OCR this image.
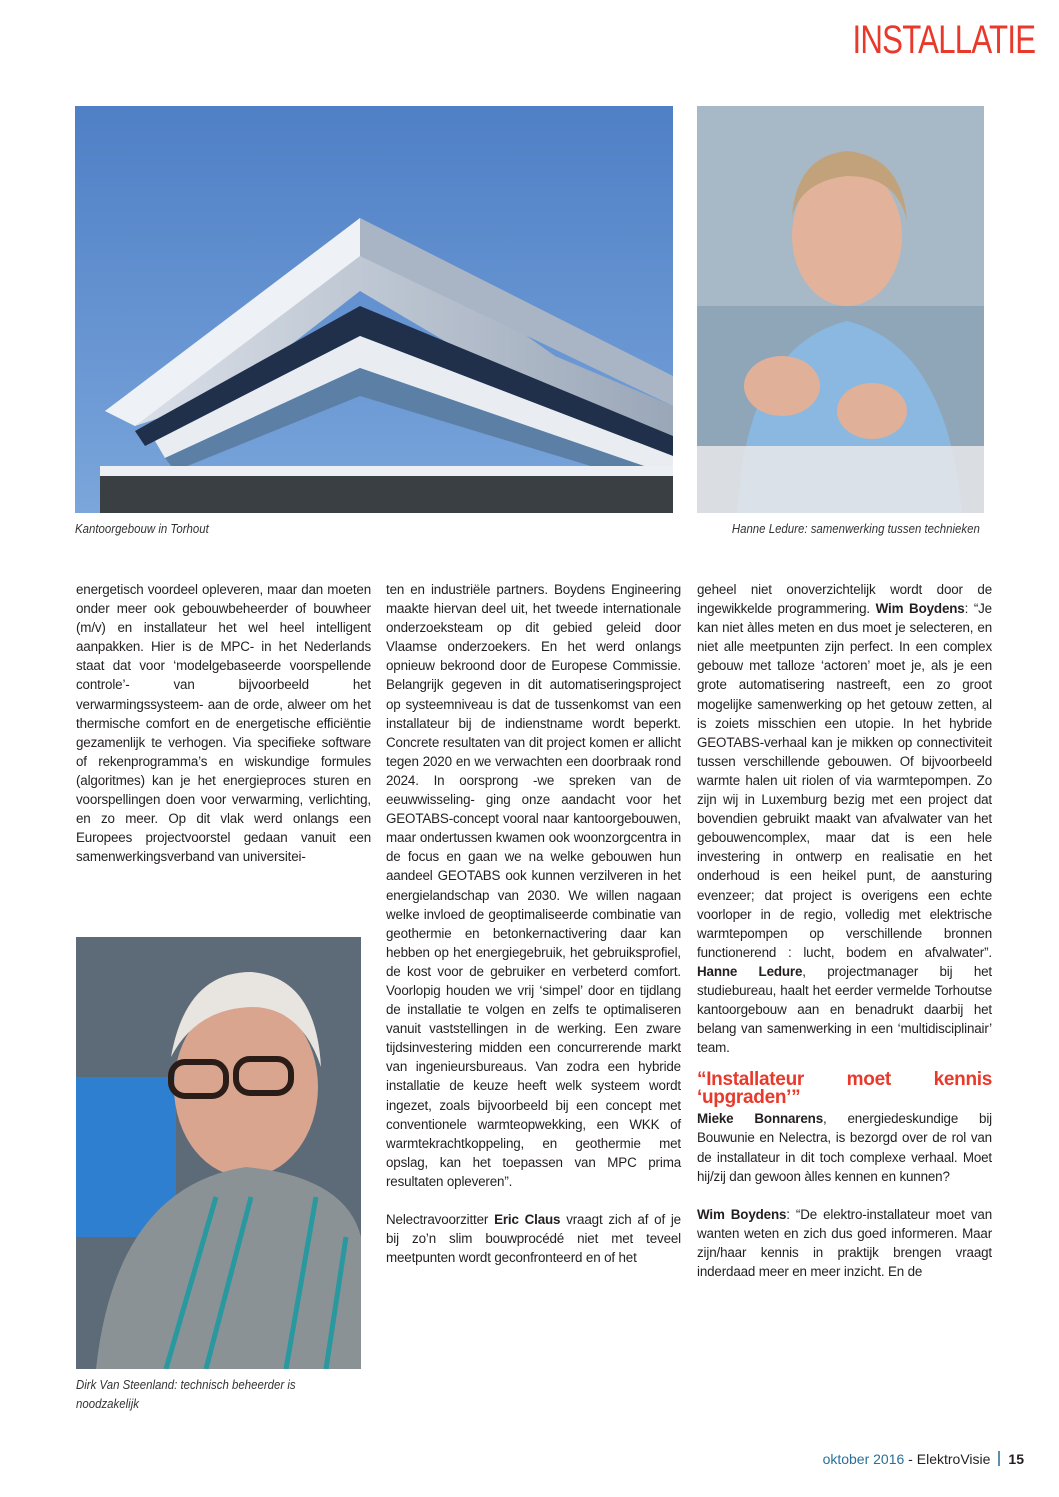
INSTALLATIE
Kantoorgebouw in Torhout	Hanne Ledure: samenwerking tussen technieken
Dirk Van Steenland: technisch beheerder is
noodzakelijk

energetisch voordeel opleveren, maar dan moeten onder meer ook gebouwbeheerder of bouwheer (m/v) en installateur het wel heel intelligent aanpakken. Hier is de MPC- in het Nederlands staat dat voor ‘modelgebaseerde voorspellende controle’- van bijvoorbeeld het verwarmingssysteem- aan de orde, alweer om het thermische comfort en de energetische efficiëntie gezamenlijk te verhogen. Via specifieke software of rekenprogramma’s en wiskundige formules (algoritmes) kan je het energieproces sturen en voorspellingen doen voor verwarming, verlichting, en zo meer. Op dit vlak werd onlangs een Europees projectvoorstel gedaan vanuit een samenwerkingsverband van universitei-

ten en industriële partners. Boydens Engineering maakte hiervan deel uit, het tweede internationale onderzoeksteam op dit gebied geleid door Vlaamse onderzoekers. En het werd onlangs opnieuw bekroond door de Europese Commissie. Belangrijk gegeven in dit automatiseringsproject op systeemniveau is dat de tussenkomst van een installateur bij de indienstname wordt beperkt. Concrete resultaten van dit project komen er allicht tegen 2020 en we verwachten een doorbraak rond 2024. In oorsprong -we spreken van de eeuwwisseling- ging onze aandacht voor het GEOTABS-concept vooral naar kantoorgebouwen, maar ondertussen kwamen ook woonzorgcentra in de focus en gaan we na welke gebouwen hun aandeel GEOTABS ook kunnen verzilveren in het energielandschap van 2030. We willen nagaan welke invloed de geoptimaliseerde combinatie van geothermie en betonkernactivering daar kan hebben op het energiegebruik, het gebruiksprofiel, de kost voor de gebruiker en verbeterd comfort. Voorlopig houden we vrij ‘simpel’ door en tijdlang de installatie te volgen en zelfs te optimaliseren vanuit vaststellingen in de werking. Een zware tijdsinvestering midden een concurrerende markt van ingenieursbureaus. Van zodra een hybride installatie de keuze heeft welk systeem wordt ingezet, zoals bijvoorbeeld bij een concept met conventionele warmteopwekking, een WKK of warmtekrachtkoppeling, en geothermie met opslag, kan het toepassen van MPC prima resultaten opleveren”.

Nelectravoorzitter Eric Claus vraagt zich af of je bij zo’n slim bouwprocédé niet met teveel meetpunten wordt geconfronteerd en of het

geheel niet onoverzichtelijk wordt door de ingewikkelde programmering. Wim Boydens: “Je kan niet àlles meten en dus moet je selecteren, en niet alle meetpunten zijn perfect. In een complex gebouw met talloze ‘actoren’ moet je, als je een grote automatisering nastreeft, een zo groot mogelijke samenwerking op het getouw zetten, al is zoiets misschien een utopie. In het hybride GEOTABS-verhaal kan je mikken op connectiviteit tussen verschillende gebouwen. Of bijvoorbeeld warmte halen uit riolen of via warmtepompen. Zo zijn wij in Luxemburg bezig met een project dat bovendien gebruikt maakt van afvalwater van het gebouwencomplex, maar dat is een hele investering in ontwerp en realisatie en het onderhoud is een heikel punt, de aansturing evenzeer; dat project is overigens een echte voorloper in de regio, volledig met elektrische warmtepompen op verschillende bronnen functionerend : lucht, bodem en afvalwater”. Hanne Ledure, projectmanager bij het studiebureau, haalt het eerder vermelde Torhoutse kantoorgebouw aan en benadrukt daarbij het belang van samenwerking in een ‘multidisciplinair’ team.

“Installateur moet kennis ‘upgraden’”

Mieke Bonnarens, energiedeskundige bij Bouwunie en Nelectra, is bezorgd over de rol van de installateur in dit toch complexe verhaal. Moet hij/zij dan gewoon àlles kennen en kunnen?

Wim Boydens: “De elektro-installateur moet van wanten weten en zich dus goed informeren. Maar zijn/haar kennis in praktijk brengen vraagt inderdaad meer en meer inzicht. En de

oktober 2016 - ElektroVisie 15
